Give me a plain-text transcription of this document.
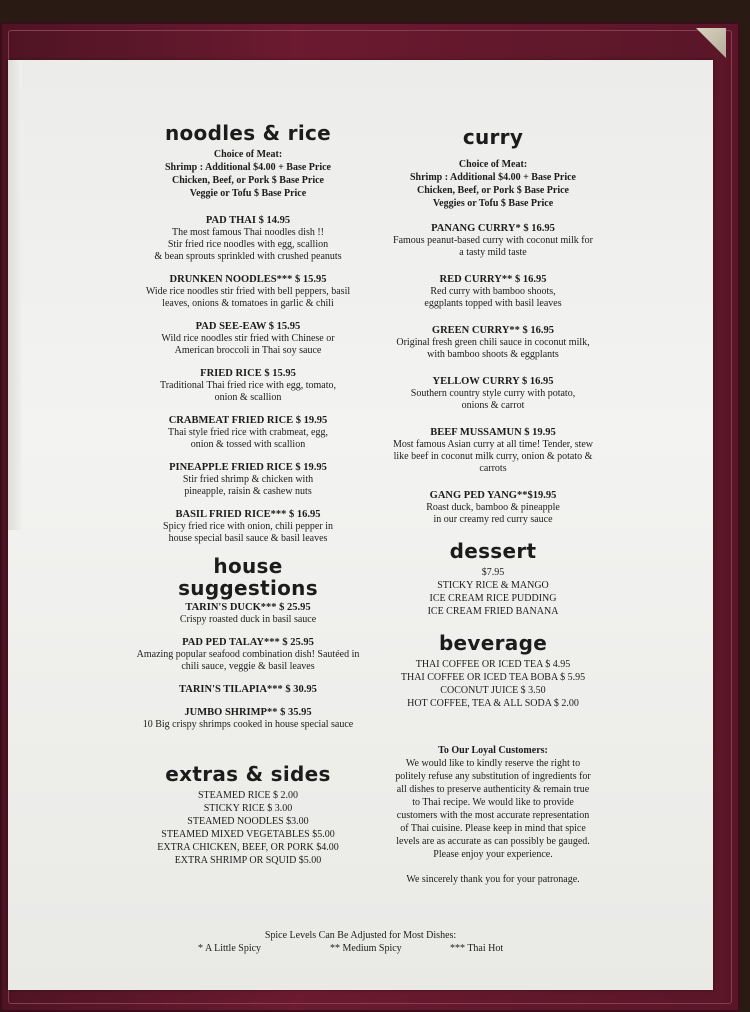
noodles & rice
Choice of Meat:
Shrimp : Additional $4.00 + Base Price
Chicken, Beef, or Pork $ Base Price
Veggie or Tofu $ Base Price
PAD THAI $ 14.95
The most famous Thai noodles dish !!
Stir fried rice noodles with egg, scallion
& bean sprouts sprinkled with crushed peanuts
DRUNKEN NOODLES*** $ 15.95
Wide rice noodles stir fried with bell peppers, basil
leaves, onions & tomatoes in garlic & chili
PAD SEE-EAW $ 15.95
Wild rice noodles stir fried with Chinese or
American broccoli in Thai soy sauce
FRIED RICE $ 15.95
Traditional Thai fried rice with egg, tomato,
onion & scallion
CRABMEAT FRIED RICE $ 19.95
Thai style fried rice with crabmeat, egg,
onion & tossed with scallion
PINEAPPLE FRIED RICE $ 19.95
Stir fried shrimp & chicken with
pineapple, raisin & cashew nuts
BASIL FRIED RICE*** $ 16.95
Spicy fried rice with onion, chili pepper in
house special basil sauce & basil leaves
house
suggestions
TARIN'S DUCK*** $ 25.95
Crispy roasted duck in basil sauce
PAD PED TALAY*** $ 25.95
Amazing popular seafood combination dish! Sautéed in
chili sauce, veggie & basil leaves
TARIN'S TILAPIA*** $ 30.95
JUMBO SHRIMP** $ 35.95
10 Big crispy shrimps cooked in house special sauce
extras & sides
STEAMED RICE $ 2.00
STICKY RICE $ 3.00
STEAMED NOODLES $3.00
STEAMED MIXED VEGETABLES $5.00
EXTRA CHICKEN, BEEF, OR PORK $4.00
EXTRA SHRIMP OR SQUID $5.00
curry
Choice of Meat:
Shrimp : Additional $4.00 + Base Price
Chicken, Beef, or Pork $ Base Price
Veggies or Tofu $ Base Price
PANANG CURRY* $ 16.95
Famous peanut-based curry with coconut milk for
a tasty mild taste
RED CURRY** $ 16.95
Red curry with bamboo shoots,
eggplants topped with basil leaves
GREEN CURRY** $ 16.95
Original fresh green chili sauce in coconut milk,
with bamboo shoots & eggplants
YELLOW CURRY $ 16.95
Southern country style curry with potato,
onions & carrot
BEEF MUSSAMUN $ 19.95
Most famous Asian curry at all time! Tender, stew
like beef in coconut milk curry, onion & potato &
carrots
GANG PED YANG**$19.95
Roast duck, bamboo & pineapple
in our creamy red curry sauce
dessert
$7.95
STICKY RICE & MANGO
ICE CREAM RICE PUDDING
ICE CREAM FRIED BANANA
beverage
THAI COFFEE OR ICED TEA $ 4.95
THAI COFFEE OR ICED TEA BOBA $ 5.95
COCONUT JUICE $ 3.50
HOT COFFEE, TEA & ALL SODA $ 2.00
To Our Loyal Customers:
We would like to kindly reserve the right to
politely refuse any substitution of ingredients for
all dishes to preserve authenticity & remain true
to Thai recipe. We would like to provide
customers with the most accurate representation
of Thai cuisine. Please keep in mind that spice
levels are as accurate as can possibly be gauged.
Please enjoy your experience.
We sincerely thank you for your patronage.
Spice Levels Can Be Adjusted for Most Dishes:
* A Little Spicy	** Medium Spicy	*** Thai Hot
